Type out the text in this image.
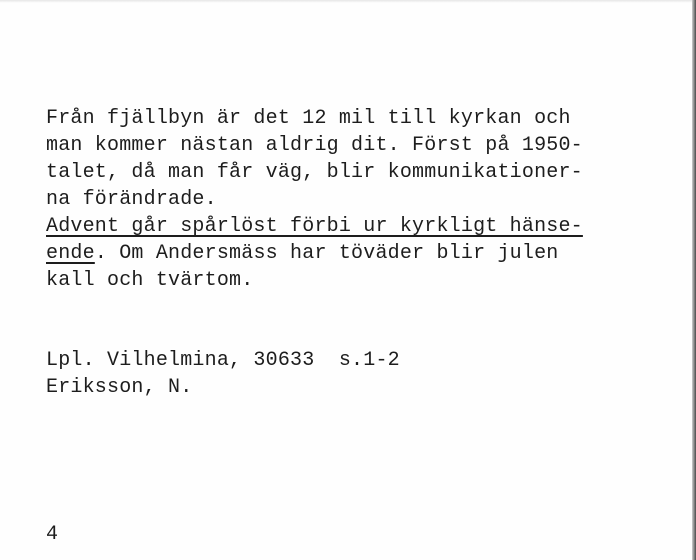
Från fjällbyn är det 12 mil till kyrkan och
man kommer nästan aldrig dit. Först på 1950-
talet, då man får väg, blir kommunikationer-
na förändrade.
Advent går spårlöst förbi ur kyrkligt hänse-
ende. Om Andersmäss har töväder blir julen
kall och tvärtom.
Lpl. Vilhelmina, 30633  s.1-2
Eriksson, N.
4
